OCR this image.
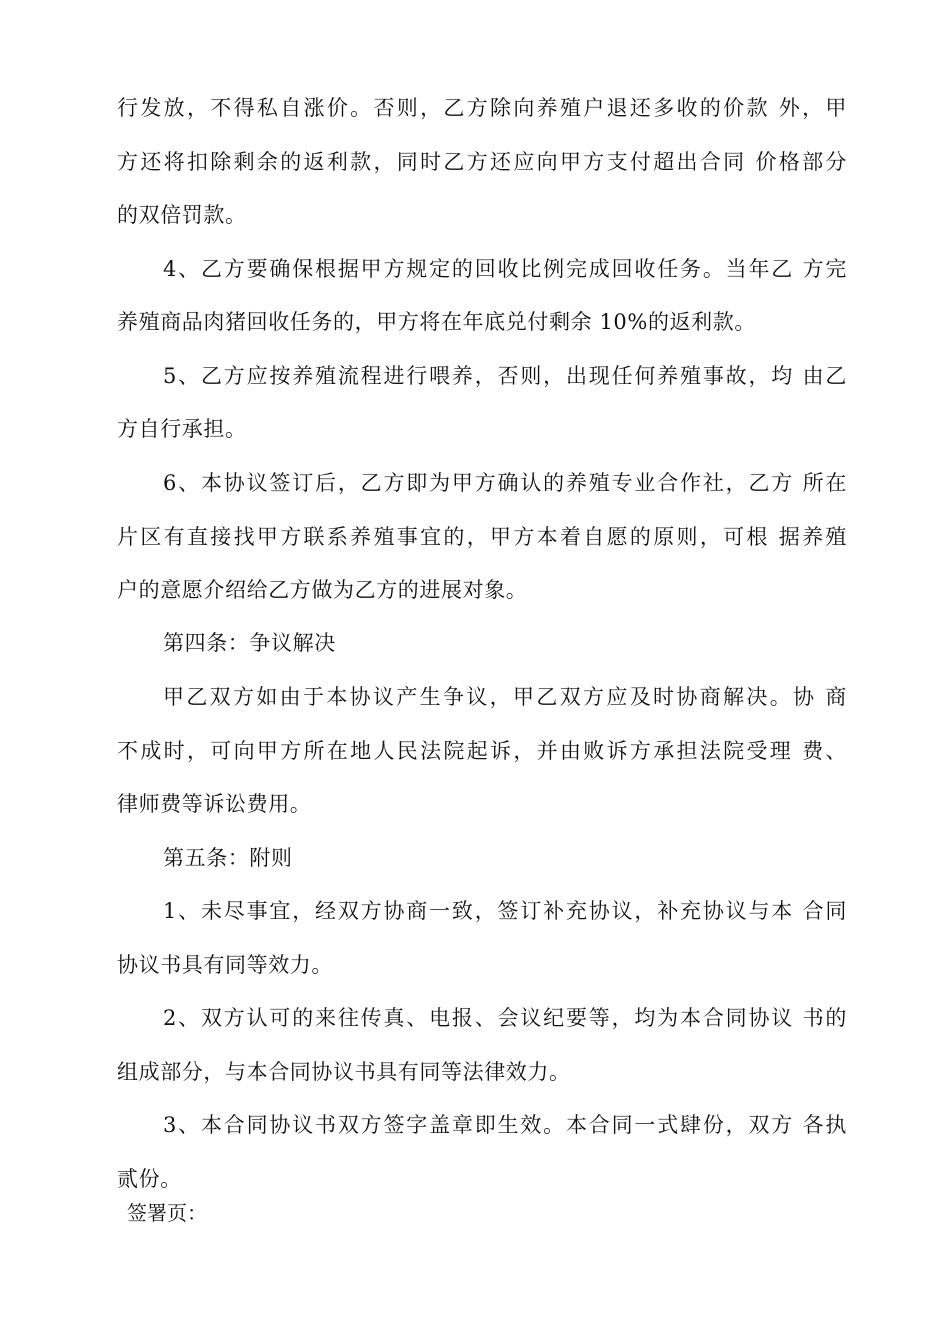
行发放，不得私自涨价。否则，乙方除向养殖户退还多收的价款 外，甲
方还将扣除剩余的返利款，同时乙方还应向甲方支付超出合同 价格部分
的双倍罚款。
4、乙方要确保根据甲方规定的回收比例完成回收任务。当年乙 方完
养殖商品肉猪回收任务的，甲方将在年底兑付剩余 10%的返利款。
5、乙方应按养殖流程进行喂养，否则，出现任何养殖事故，均 由乙
方自行承担。
6、本协议签订后，乙方即为甲方确认的养殖专业合作社，乙方 所在
片区有直接找甲方联系养殖事宜的，甲方本着自愿的原则，可根 据养殖
户的意愿介绍给乙方做为乙方的进展对象。
第四条：争议解决
甲乙双方如由于本协议产生争议，甲乙双方应及时协商解决。协 商
不成时，可向甲方所在地人民法院起诉，并由败诉方承担法院受理 费、
律师费等诉讼费用。
第五条：附则
1、未尽事宜，经双方协商一致，签订补充协议，补充协议与本 合同
协议书具有同等效力。
2、双方认可的来往传真、电报、会议纪要等，均为本合同协议 书的
组成部分，与本合同协议书具有同等法律效力。
3、本合同协议书双方签字盖章即生效。本合同一式肆份，双方 各执
贰份。
签署页：
